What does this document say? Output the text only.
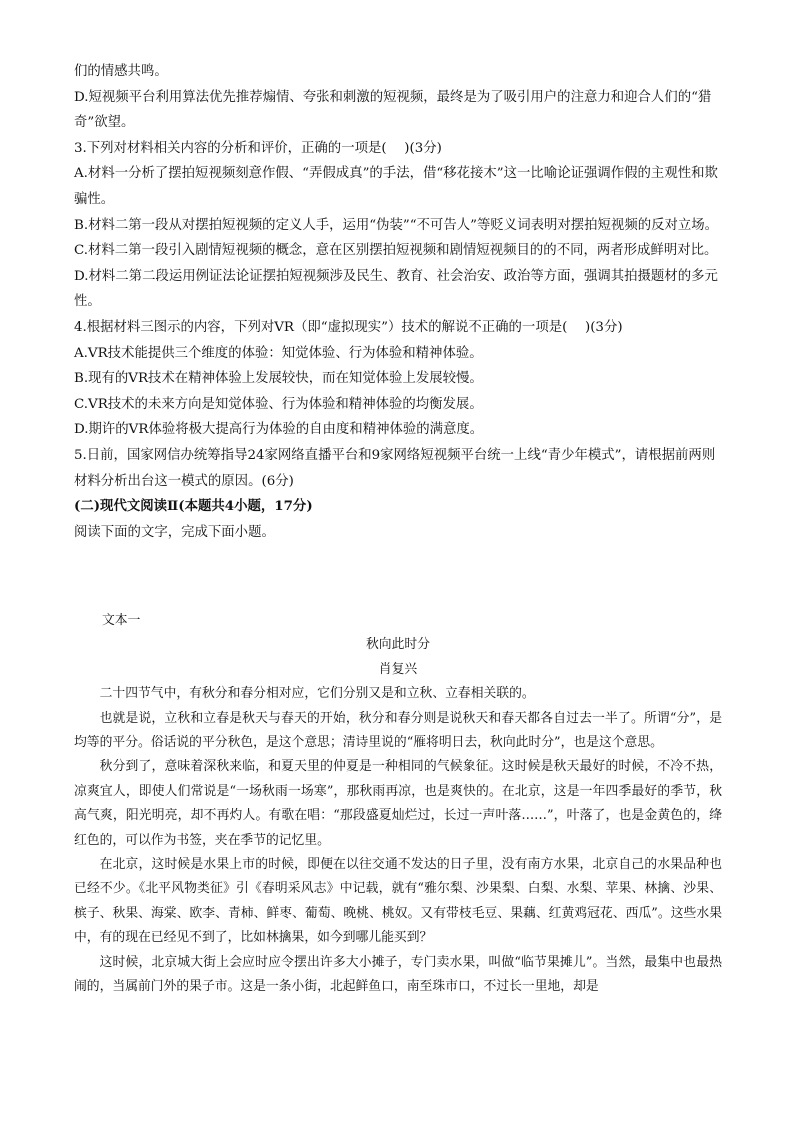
们的情感共鸣。

D.短视频平台利用算法优先推荐煽情、夸张和刺激的短视频，最终是为了吸引用户的注意力和迎合人们的“猎奇”欲望。

3.下列对材料相关内容的分析和评价，正确的一项是(　 )(3分)

A.材料一分析了摆拍短视频刻意作假、“弄假成真”的手法，借“移花接木”这一比喻论证强调作假的主观性和欺骗性。

B.材料二第一段从对摆拍短视频的定义人手，运用“伪装”“不可告人”等贬义词表明对摆拍短视频的反对立场。

C.材料二第一段引入剧情短视频的概念，意在区别摆拍短视频和剧情短视频目的的不同，两者形成鲜明对比。

D.材料二第二段运用例证法论证摆拍短视频涉及民生、教育、社会治安、政治等方面，强调其拍摄题材的多元性。

4.根据材料三图示的内容，下列对VR（即“虚拟现实”）技术的解说不正确的一项是(　 )(3分)

A.VR技术能提供三个维度的体验：知觉体验、行为体验和精神体验。

B.现有的VR技术在精神体验上发展较快，而在知觉体验上发展较慢。

C.VR技术的未来方向是知觉体验、行为体验和精神体验的均衡发展。

D.期许的VR体验将极大提高行为体验的自由度和精神体验的满意度。

5.日前，国家网信办统筹指导24家网络直播平台和9家网络短视频平台统一上线“青少年模式”，请根据前两则材料分析出台这一模式的原因。(6分)

(二)现代文阅读Ⅱ(本题共4小题，17分)

阅读下面的文字，完成下面小题。

文本一

秋向此时分

肖复兴

二十四节气中，有秋分和春分相对应，它们分别又是和立秋、立春相关联的。

也就是说，立秋和立春是秋天与春天的开始，秋分和春分则是说秋天和春天都各自过去一半了。所谓“分”，是均等的平分。俗话说的平分秋色，是这个意思；清诗里说的“雁将明日去，秋向此时分”，也是这个意思。

秋分到了，意味着深秋来临，和夏天里的仲夏是一种相同的气候象征。这时候是秋天最好的时候，不冷不热，凉爽宜人，即使人们常说是“一场秋雨一场寒”，那秋雨再凉，也是爽快的。在北京，这是一年四季最好的季节，秋高气爽，阳光明亮，却不再灼人。有歌在唱：“那段盛夏灿烂过，长过一声叶落……”，叶落了，也是金黄色的，绛红色的，可以作为书签，夹在季节的记忆里。

在北京，这时候是水果上市的时候，即便在以往交通不发达的日子里，没有南方水果，北京自己的水果品种也已经不少。《北平风物类征》引《春明采风志》中记载，就有“雅尔梨、沙果梨、白梨、水梨、苹果、林擒、沙果、槟子、秋果、海棠、欧李、青柿、鲜枣、葡萄、晚桃、桃奴。又有带枝毛豆、果藕、红黄鸡冠花、西瓜”。这些水果中，有的现在已经见不到了，比如林擒果，如今到哪儿能买到？

这时候，北京城大街上会应时应令摆出许多大小摊子，专门卖水果，叫做“临节果摊儿”。当然，最集中也最热闹的，当属前门外的果子市。这是一条小街，北起鲜鱼口，南至珠市口，不过长一里地，却是
